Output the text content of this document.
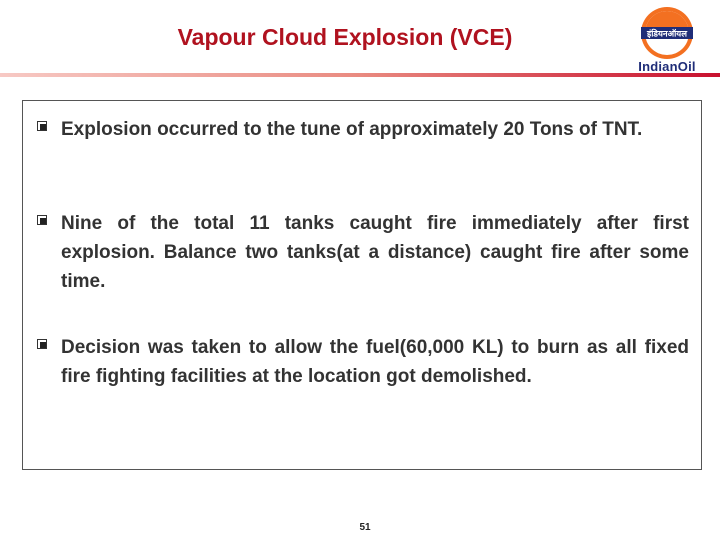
Vapour Cloud Explosion (VCE)	इंडियनऑयल
IndianOil
Explosion occurred to the tune of approximately 20 Tons of TNT.
Nine of the total 11 tanks caught fire immediately after first explosion. Balance two tanks(at a distance) caught fire after some time.
Decision was taken to allow the fuel(60,000 KL) to burn as all fixed fire fighting facilities at the location got demolished.
51
